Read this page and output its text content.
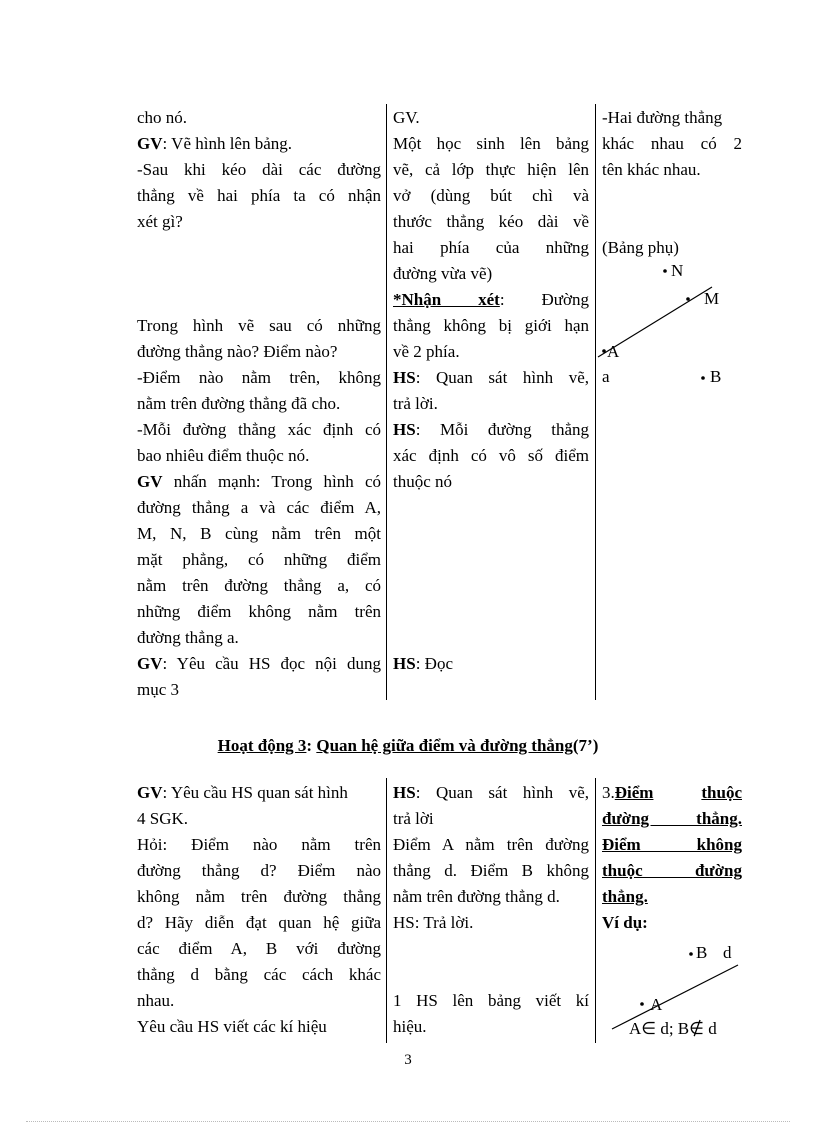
cho nó.
GV: Vẽ hình lên bảng.
-Sau khi kéo dài các đường
thẳng về hai phía ta có nhận
xét gì?
Trong hình vẽ sau có những
đường thẳng nào? Điểm nào?
-Điểm nào nằm trên, không
nằm trên đường thẳng đã cho.
-Mỗi đường thẳng xác định có
bao nhiêu điểm thuộc nó.
GV nhấn mạnh: Trong hình có
đường thẳng a và các điểm A,
M, N, B cùng nằm trên một
mặt phẳng, có những điểm
nằm trên đường thẳng a, có
những điểm không nằm trên
đường thẳng a.
GV: Yêu cầu HS đọc nội dung
mục 3
GV.
Một học sinh lên bảng
vẽ, cả lớp thực hiện lên
vở (dùng bút chì và
thước thẳng kéo dài về
hai phía của những
đường vừa vẽ)
*Nhận xét: Đường
thẳng không bị giới hạn
về 2 phía.
HS: Quan sát hình vẽ,
trả lời.
HS: Mỗi đường thẳng
xác định có vô số điểm
thuộc nó
HS: Đọc
-Hai đường thẳng
khác nhau có 2
tên khác nhau.
(Bảng phụ)
N
M
A
a	B
Hoạt động 3: Quan hệ giữa điểm và đường thẳng(7’)
GV: Yêu cầu HS quan sát hình
4 SGK.
Hỏi: Điểm nào nằm trên
đường thẳng d? Điểm nào
không nằm trên đường thẳng
d? Hãy diễn đạt quan hệ giữa
các điểm A, B với đường
thẳng d bằng các cách khác
nhau.
Yêu cầu HS viết các kí hiệu
HS: Quan sát hình vẽ,
trả lời
Điểm A nằm trên đường
thẳng d. Điểm B không
nằm trên đường thẳng d.
HS: Trả lời.
1 HS lên bảng viết kí
hiệu.
3.Điểm	thuộc
đường thẳng.
Điểm không
thuộc đường
thẳng.
Ví dụ:
B d
A
A∈ d; B∉ d
3
